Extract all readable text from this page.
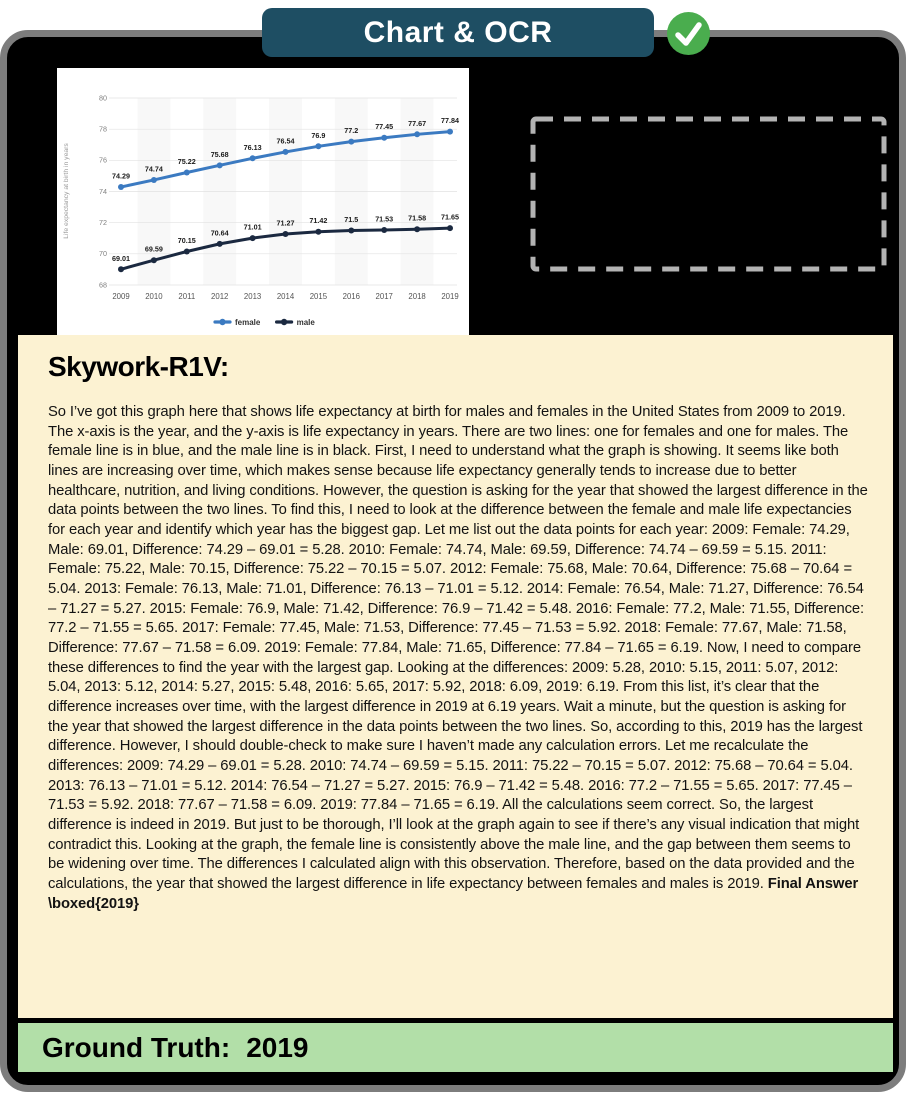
Chart & OCR
68
70
72
74
76
78
80
2009 2010 2011 2012 2013 2014 2015 2016 2017 2018 2019
74.29
74.74
75.22
75.68
76.13
76.54
76.9
77.2 77.45 77.67 77.84
69.01
69.59
70.15
70.64
71.01 71.27 71.42 71.5 71.53 71.58 71.65
Life expectancy at birth in years
female	male
Skywork-R1V:

So I’ve got this graph here that shows life expectancy at birth for males and females in the United States from 2009 to 2019. The x-axis is the year, and the y-axis is life expectancy in years. There are two lines: one for females and one for males. The female line is in blue, and the male line is in black. First, I need to understand what the graph is showing. It seems like both lines are increasing over time, which makes sense because life expectancy generally tends to increase due to better healthcare, nutrition, and living conditions. However, the question is asking for the year that showed the largest difference in the data points between the two lines. To find this, I need to look at the difference between the female and male life expectancies for each year and identify which year has the biggest gap. Let me list out the data points for each year: 2009: Female: 74.29, Male: 69.01, Difference: 74.29 – 69.01 = 5.28. 2010: Female: 74.74, Male: 69.59, Difference: 74.74 – 69.59 = 5.15. 2011: Female: 75.22, Male: 70.15, Difference: 75.22 – 70.15 = 5.07. 2012: Female: 75.68, Male: 70.64, Difference: 75.68 – 70.64 = 5.04. 2013: Female: 76.13, Male: 71.01, Difference: 76.13 – 71.01 = 5.12. 2014: Female: 76.54, Male: 71.27, Difference: 76.54 – 71.27 = 5.27. 2015: Female: 76.9, Male: 71.42, Difference: 76.9 – 71.42 = 5.48. 2016: Female: 77.2, Male: 71.55, Difference: 77.2 – 71.55 = 5.65. 2017: Female: 77.45, Male: 71.53, Difference: 77.45 – 71.53 = 5.92. 2018: Female: 77.67, Male: 71.58, Difference: 77.67 – 71.58 = 6.09. 2019: Female: 77.84, Male: 71.65, Difference: 77.84 – 71.65 = 6.19. Now, I need to compare these differences to find the year with the largest gap. Looking at the differences: 2009: 5.28, 2010: 5.15, 2011: 5.07, 2012: 5.04, 2013: 5.12, 2014: 5.27, 2015: 5.48, 2016: 5.65, 2017: 5.92, 2018: 6.09, 2019: 6.19. From this list, it’s clear that the difference increases over time, with the largest difference in 2019 at 6.19 years. Wait a minute, but the question is asking for the year that showed the largest difference in the data points between the two lines. So, according to this, 2019 has the largest difference. However, I should double-check to make sure I haven’t made any calculation errors. Let me recalculate the differences: 2009: 74.29 – 69.01 = 5.28. 2010: 74.74 – 69.59 = 5.15. 2011: 75.22 – 70.15 = 5.07. 2012: 75.68 – 70.64 = 5.04. 2013: 76.13 – 71.01 = 5.12. 2014: 76.54 – 71.27 = 5.27. 2015: 76.9 – 71.42 = 5.48. 2016: 77.2 – 71.55 = 5.65. 2017: 77.45 – 71.53 = 5.92. 2018: 77.67 – 71.58 = 6.09. 2019: 77.84 – 71.65 = 6.19. All the calculations seem correct. So, the largest difference is indeed in 2019. But just to be thorough, I’ll look at the graph again to see if there’s any visual indication that might contradict this. Looking at the graph, the female line is consistently above the male line, and the gap between them seems to be widening over time. The differences I calculated align with this observation. Therefore, based on the data provided and the calculations, the year that showed the largest difference in life expectancy between females and males is 2019. Final Answer \boxed{2019}

Ground Truth: 2019
